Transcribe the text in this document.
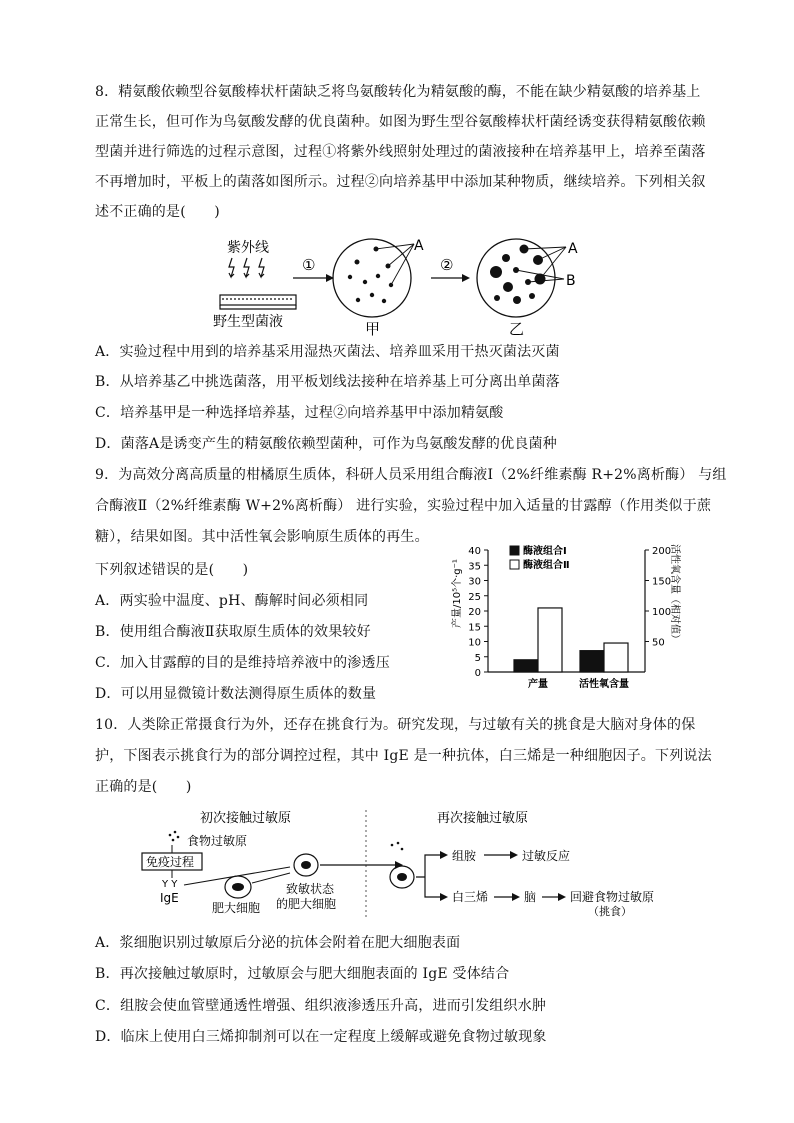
8．精氨酸依赖型谷氨酸棒状杆菌缺乏将鸟氨酸转化为精氨酸的酶，不能在缺少精氨酸的培养基上
正常生长，但可作为鸟氨酸发酵的优良菌种。如图为野生型谷氨酸棒状杆菌经诱变获得精氨酸依赖
型菌并进行筛选的过程示意图，过程①将紫外线照射处理过的菌液接种在培养基甲上，培养至菌落
不再增加时，平板上的菌落如图所示。过程②向培养基甲中添加某种物质，继续培养。下列相关叙
述不正确的是(　　)
紫外线
野生型菌液
①
A
②
A
B
甲	乙
A．实验过程中用到的培养基采用湿热灭菌法、培养皿采用干热灭菌法灭菌
B．从培养基乙中挑选菌落，用平板划线法接种在培养基上可分离出单菌落
C．培养基甲是一种选择培养基，过程②向培养基甲中添加精氨酸
D．菌落A是诱变产生的精氨酸依赖型菌种，可作为鸟氨酸发酵的优良菌种
9．为高效分离高质量的柑橘原生质体，科研人员采用组合酶液Ⅰ（2%纤维素酶 R+2%离析酶） 与组
合酶液Ⅱ（2%纤维素酶 W+2%离析酶） 进行实验，实验过程中加入适量的甘露醇（作用类似于蔗
糖），结果如图。其中活性氧会影响原生质体的再生。
下列叙述错误的是(　　)
A．两实验中温度、pH、酶解时间必须相同
B．使用组合酶液Ⅱ获取原生质体的效果较好
C．加入甘露醇的目的是维持培养液中的渗透压
D．可以用显微镜计数法测得原生质体的数量
0
5
10
15
20
25
30
35
40
50
100
150
200
产量/10⁵个·g⁻¹	活性氧含量（相对值）
产量	活性氧含量
酶液组合Ⅰ
酶液组合Ⅱ
10．人类除正常摄食行为外，还存在挑食行为。研究发现，与过敏有关的挑食是大脑对身体的保
护，下图表示挑食行为的部分调控过程，其中 IgE 是一种抗体，白三烯是一种细胞因子。下列说法
正确的是(　　)
初次接触过敏原	再次接触过敏原
食物过敏原
免疫过程
Y Y
IgE
肥大细胞
致敏状态
的肥大细胞
组胺	过敏反应
白三烯	脑	回避食物过敏原
（挑食）
A．浆细胞识别过敏原后分泌的抗体会附着在肥大细胞表面
B．再次接触过敏原时，过敏原会与肥大细胞表面的 IgE 受体结合
C．组胺会使血管壁通透性增强、组织液渗透压升高，进而引发组织水肿
D．临床上使用白三烯抑制剂可以在一定程度上缓解或避免食物过敏现象
